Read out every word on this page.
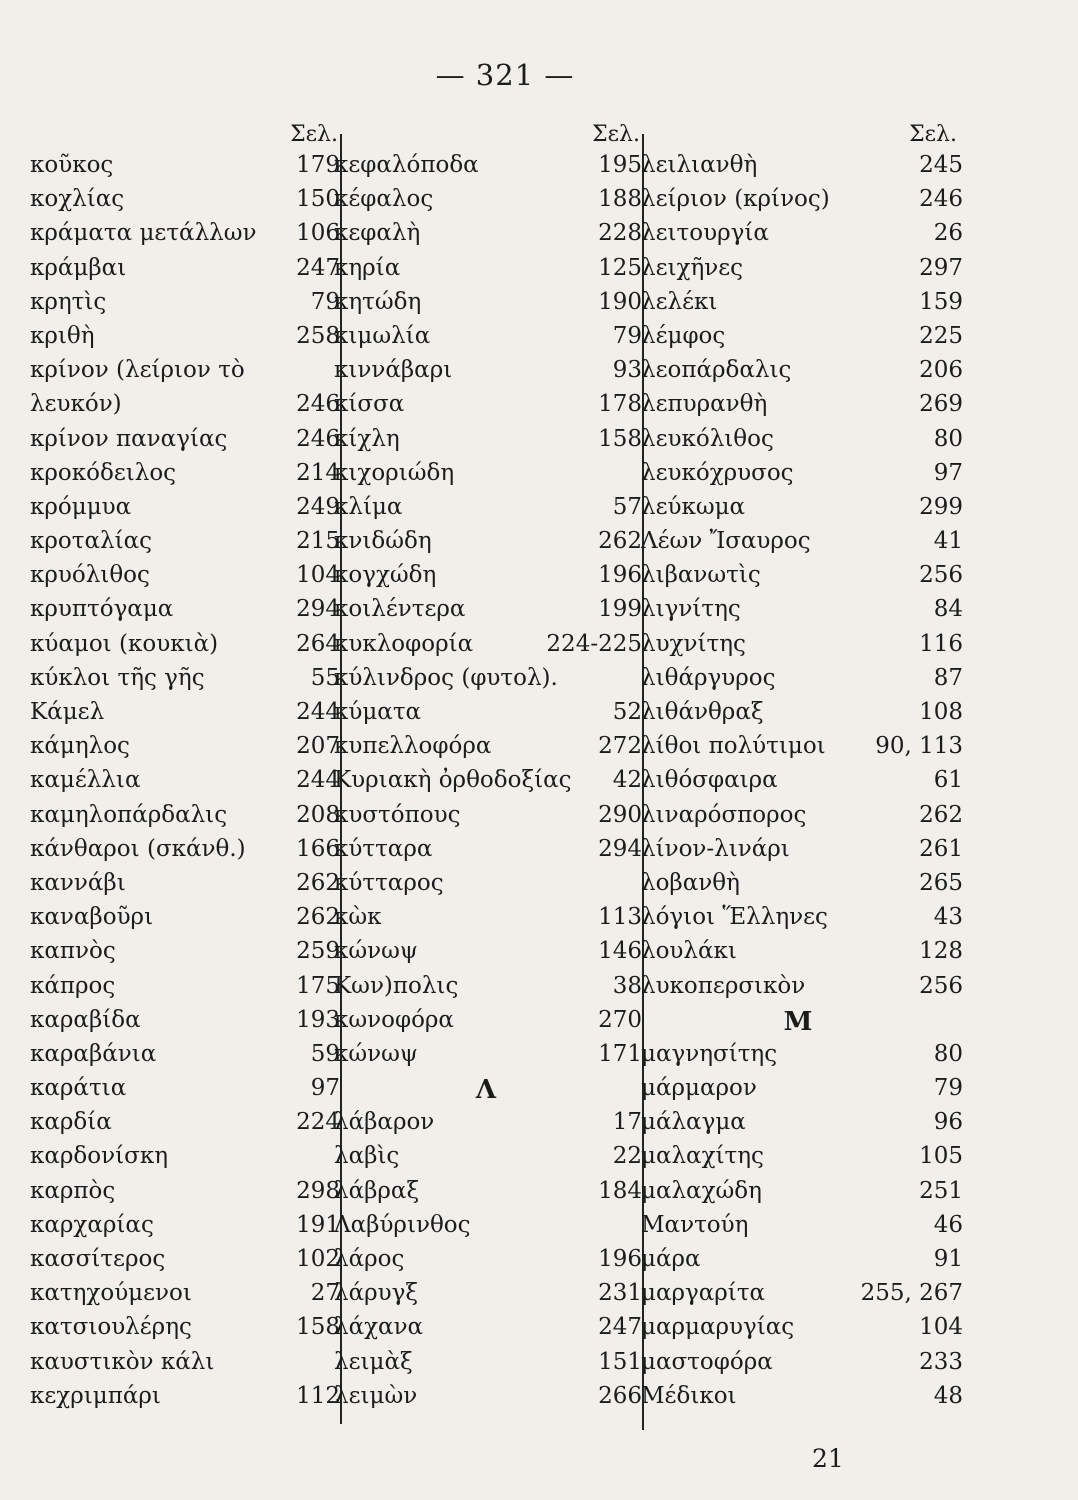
— 321 —
Σελ.
κοῦκος	179
κοχλίας	150
κράματα μετάλλων	106
κράμβαι	247
κρητὶς	79
κριθὴ	258
κρίνον (λείριον τὸ
λευκόν)	246
κρίνον παναγίας	246
κροκόδειλος	214
κρόμμυα	249
κροταλίας	215
κρυόλιθος	104
κρυπτόγαμα	294
κύαμοι (κουκιὰ)	264
κύκλοι τῆς γῆς	55
Κάμελ	244
κάμηλος	207
καμέλλια	244
καμηλοπάρδαλις	208
κάνθαροι (σκάνθ.)	166
καννάβι	262
καναβοῦρι	262
καπνὸς	259
κάπρος	175
καραβίδα	193
καραβάνια	59
καράτια	97
καρδία	224
καρδονίσκη
καρπὸς	298
καρχαρίας	191
κασσίτερος	102
κατηχούμενοι	27
κατσιουλέρης	158
καυστικὸν κάλι
κεχριμπάρι	112
Σελ.
κεφαλόποδα	195
κέφαλος	188
κεφαλὴ	228
κηρία	125
κητώδη	190
κιμωλία	79
κιννάβαρι	93
κίσσα	178
κίχλη	158
κιχοριώδη
κλίμα	57
κνιδώδη	262
κογχώδη	196
κοιλέντερα	199
κυκλοφορία	224-225
κύλινδρος (φυτολ).
κύματα	52
κυπελλοφόρα	272
Κυριακὴ ὀρθοδοξίας	42
κυστόπους	290
κύτταρα	294
κύτταρος
κὼκ	113
κώνωψ	146
Κων)πολις	38
κωνοφόρα	270
κώνωψ	171
Λ
λάβαρον	17
λαβὶς	22
λάβραξ	184
Λαβύρινθος
λάρος	196
λάρυγξ	231
λάχανα	247
λειμὰξ	151
λειμὼν	266
Σελ.
λειλιανθὴ	245
λείριον (κρίνος)	246
λειτουργία	26
λειχῆνες	297
λελέκι	159
λέμφος	225
λεοπάρδαλις	206
λεπυρανθὴ	269
λευκόλιθος	80
λευκόχρυσος	97
λεύκωμα	299
Λέων Ἴσαυρος	41
λιβανωτὶς	256
λιγνίτης	84
λυχνίτης	116
λιθάργυρος	87
λιθάνθραξ	108
λίθοι πολύτιμοι	90, 113
λιθόσφαιρα	61
λιναρόσπορος	262
λίνον-λινάρι	261
λοβανθὴ	265
λόγιοι Ἕλληνες	43
λουλάκι	128
λυκοπερσικὸν	256
Μ
μαγνησίτης	80
μάρμαρον	79
μάλαγμα	96
μαλαχίτης	105
μαλαχώδη	251
Μαντούη	46
μάρα	91
μαργαρίτα	255, 267
μαρμαρυγίας	104
μαστοφόρα	233
Μέδικοι	48
21
